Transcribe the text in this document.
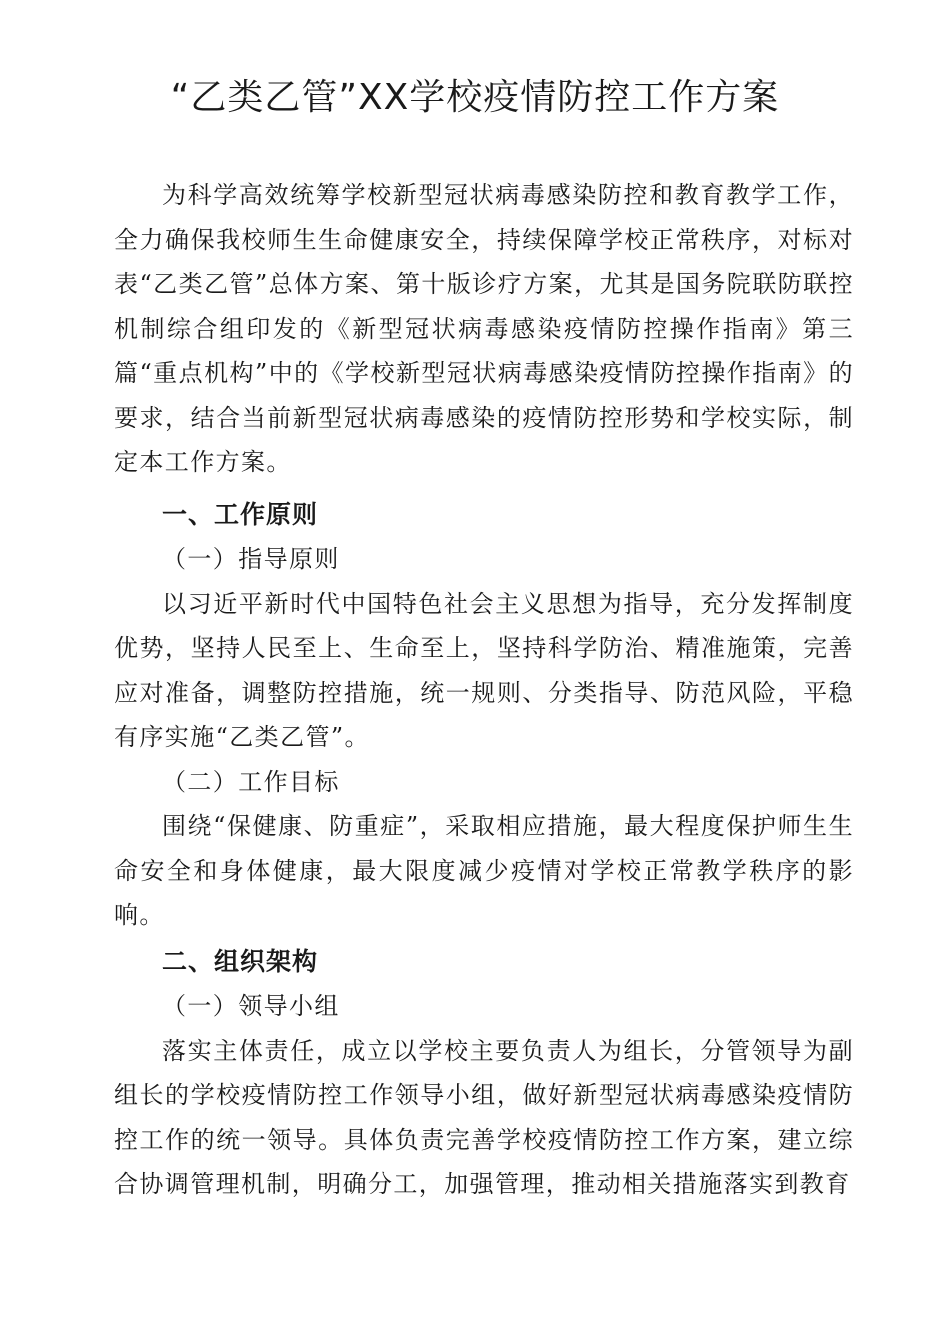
“乙类乙管”XX学校疫情防控工作方案

为科学高效统筹学校新型冠状病毒感染防控和教育教学工作，全力确保我校师生生命健康安全，持续保障学校正常秩序，对标对表“乙类乙管”总体方案、第十版诊疗方案，尤其是国务院联防联控机制综合组印发的《新型冠状病毒感染疫情防控操作指南》第三篇“重点机构”中的《学校新型冠状病毒感染疫情防控操作指南》的要求，结合当前新型冠状病毒感染的疫情防控形势和学校实际，制定本工作方案。

一、工作原则

（一）指导原则

以习近平新时代中国特色社会主义思想为指导，充分发挥制度优势，坚持人民至上、生命至上，坚持科学防治、精准施策，完善应对准备，调整防控措施，统一规则、分类指导、防范风险，平稳有序实施“乙类乙管”。

（二）工作目标

围绕“保健康、防重症”，采取相应措施，最大程度保护师生生命安全和身体健康，最大限度减少疫情对学校正常教学秩序的影响。

二、组织架构

（一）领导小组

落实主体责任，成立以学校主要负责人为组长，分管领导为副组长的学校疫情防控工作领导小组，做好新型冠状病毒感染疫情防控工作的统一领导。具体负责完善学校疫情防控工作方案，建立综合协调管理机制，明确分工，加强管理，推动相关措施落实到教育
